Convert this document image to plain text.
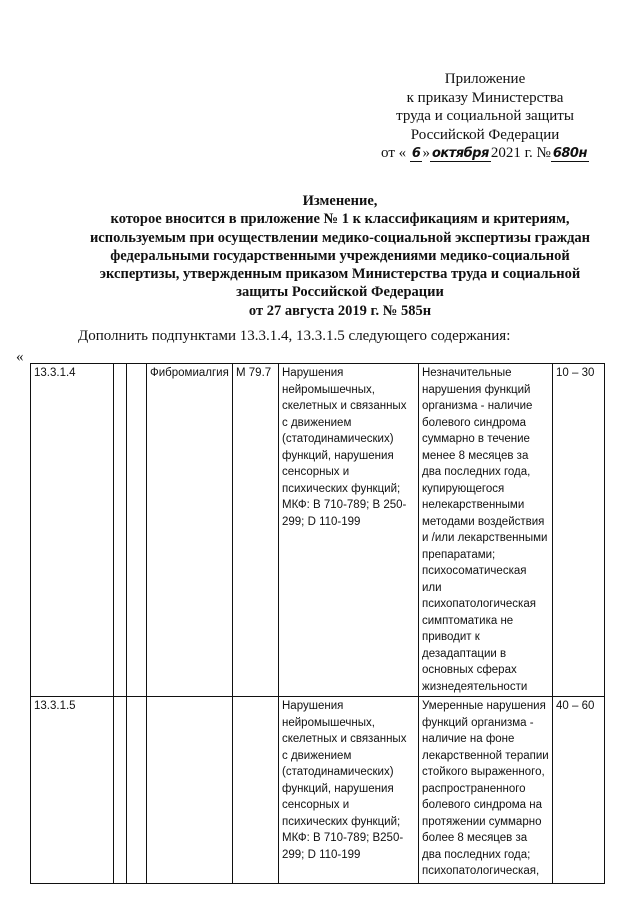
Приложение
к приказу Министерства
труда и социальной защиты
Российской Федерации
от « 6 » октября 2021 г. № 680н
Изменение,
которое вносится в приложение № 1 к классификациям и критериям,
используемым при осуществлении медико-социальной экспертизы граждан
федеральными государственными учреждениями медико-социальной
экспертизы, утвержденным приказом Министерства труда и социальной
защиты Российской Федерации
от 27 августа 2019 г. № 585н
Дополнить подпунктами 13.3.1.4, 13.3.1.5 следующего содержания:
«
13.3.1.4			Фибромиалгия	М 79.7	Нарушения нейромышечных, скелетных и связанных с движением (статодинамических) функций, нарушения сенсорных и психических функций; МКФ: В 710-789; В 250-299; D 110-199	Незначительные нарушения функций организма - наличие болевого синдрома суммарно в течение менее 8 месяцев за два последних года, купирующегося нелекарственными методами воздействия и /или лекарственными препаратами;
психосоматическая или психопатологическая симптоматика не приводит к дезадаптации в основных сферах жизнедеятельности	10 – 30
13.3.1.5					Нарушения нейромышечных, скелетных и связанных с движением (статодинамических) функций, нарушения сенсорных и психических функций; МКФ: В 710-789; В250-299; D 110-199	Умеренные нарушения функций организма - наличие на фоне лекарственной терапии стойкого выраженного, распространенного болевого синдрома на протяжении суммарно более 8 месяцев за два последних года;
психопатологическая,	40 – 60
